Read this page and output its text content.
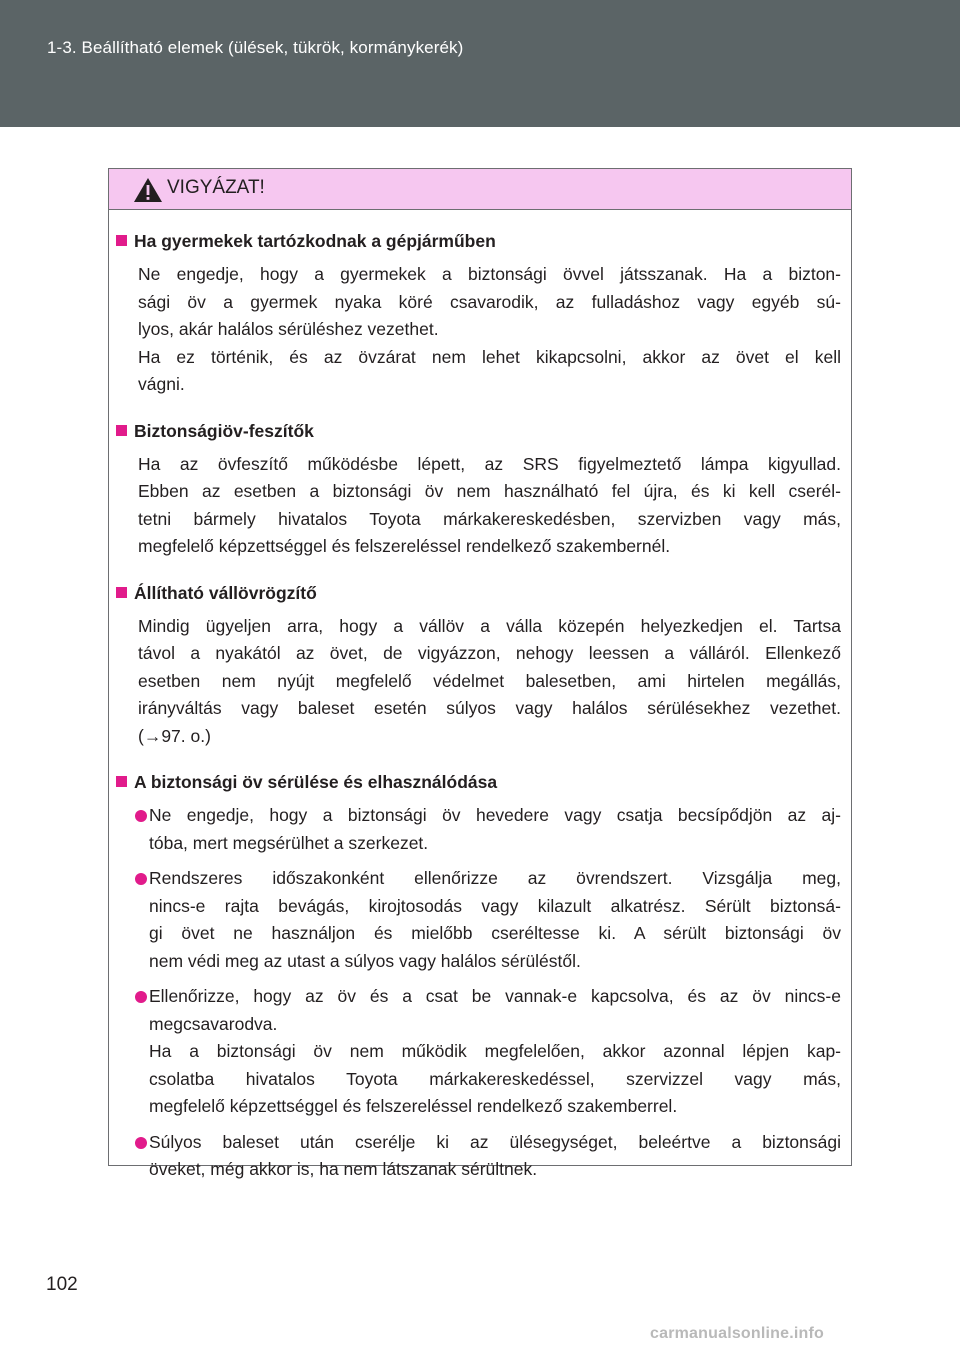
1-3. Beállítható elemek (ülések, tükrök, kormánykerék)
VIGYÁZAT!
Ha gyermekek tartózkodnak a gépjárműben
Ne engedje, hogy a gyermekek a biztonsági övvel játsszanak. Ha a bizton-
sági öv a gyermek nyaka köré csavarodik, az fulladáshoz vagy egyéb sú-
lyos, akár halálos sérüléshez vezethet.
Ha ez történik, és az övzárat nem lehet kikapcsolni, akkor az övet el kell
vágni.
Biztonságiöv-feszítők
Ha az övfeszítő működésbe lépett, az SRS figyelmeztető lámpa kigyullad.
Ebben az esetben a biztonsági öv nem használható fel újra, és ki kell cserél-
tetni bármely hivatalos Toyota márkakereskedésben, szervizben vagy más,
megfelelő képzettséggel és felszereléssel rendelkező szakembernél.
Állítható vállövrögzítő
Mindig ügyeljen arra, hogy a vállöv a válla közepén helyezkedjen el. Tartsa
távol a nyakától az övet, de vigyázzon, nehogy leessen a válláról. Ellenkező
esetben nem nyújt megfelelő védelmet balesetben, ami hirtelen megállás,
irányváltás vagy baleset esetén súlyos vagy halálos sérülésekhez vezethet.
(→97. o.)
A biztonsági öv sérülése és elhasználódása
Ne engedje, hogy a biztonsági öv hevedere vagy csatja becsípődjön az aj-
tóba, mert megsérülhet a szerkezet.
Rendszeres időszakonként ellenőrizze az övrendszert. Vizsgálja meg,
nincs-e rajta bevágás, kirojtosodás vagy kilazult alkatrész. Sérült biztonsá-
gi övet ne használjon és mielőbb cseréltesse ki. A sérült biztonsági öv
nem védi meg az utast a súlyos vagy halálos sérüléstől.
Ellenőrizze, hogy az öv és a csat be vannak-e kapcsolva, és az öv nincs-e
megcsavarodva.
Ha a biztonsági öv nem működik megfelelően, akkor azonnal lépjen kap-
csolatba hivatalos Toyota márkakereskedéssel, szervizzel vagy más,
megfelelő képzettséggel és felszereléssel rendelkező szakemberrel.
Súlyos baleset után cserélje ki az ülésegységet, beleértve a biztonsági
öveket, még akkor is, ha nem látszanak sérültnek.
102
carmanualsonline.info
